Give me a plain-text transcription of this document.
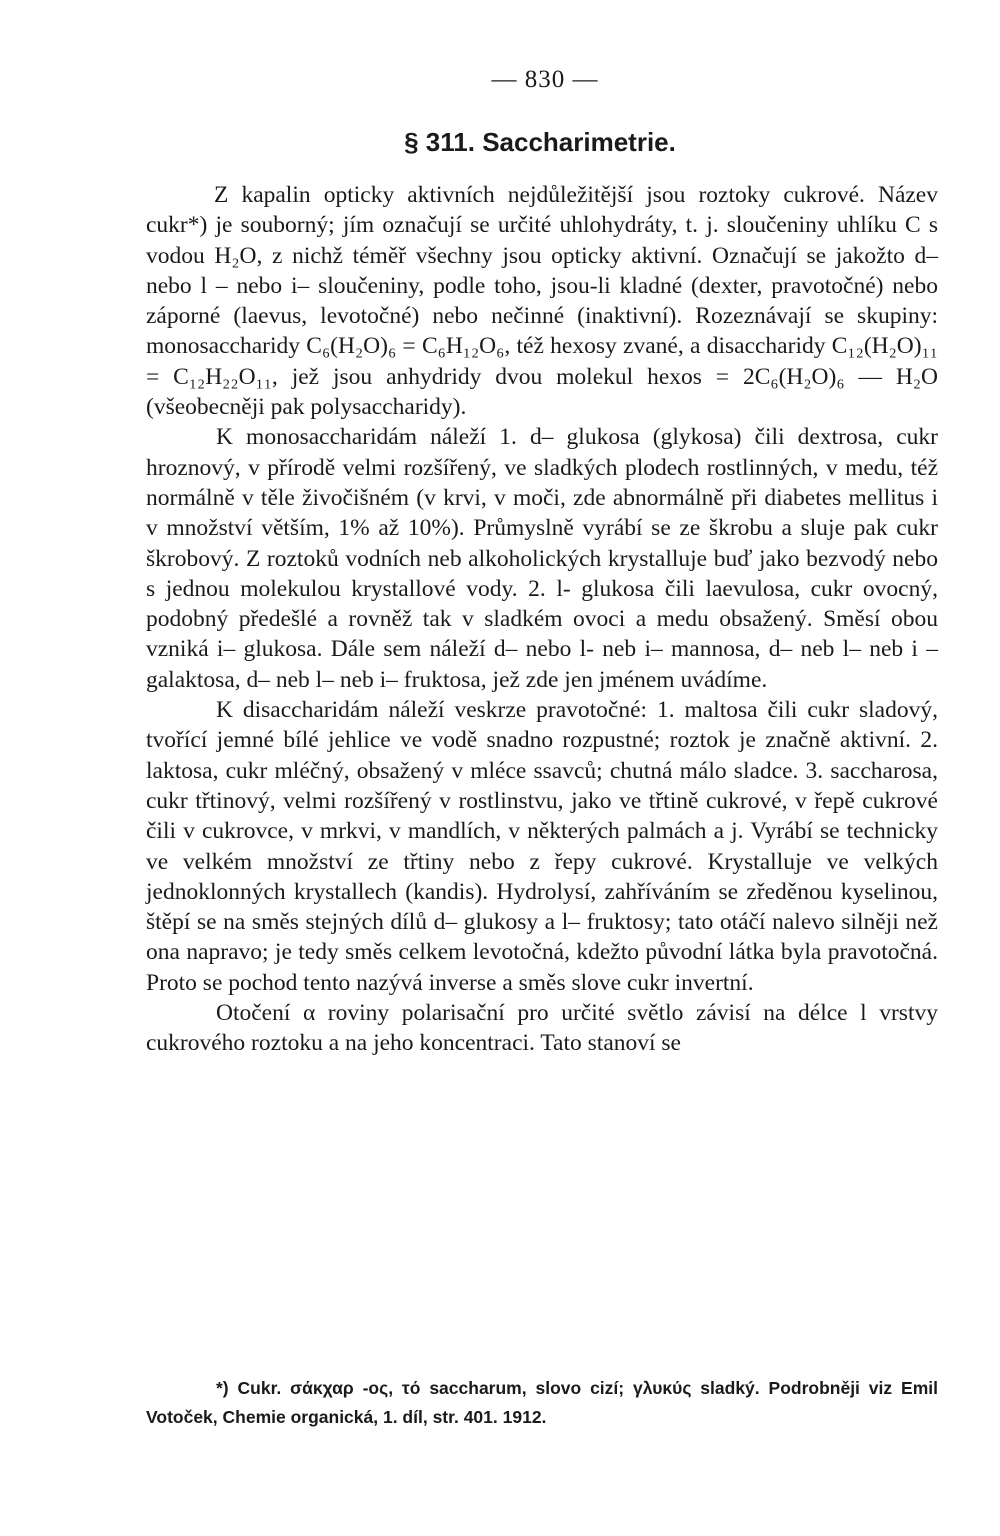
— 830 —
§ 311. Saccharimetrie.

Z kapalin opticky aktivních nejdůležitější jsou roztoky cukrové. Název cukr*) je souborný; jím označují se určité uhlohydráty, t. j. sloučeniny uhlíku C s vodou H₂O, z nichž téměř všechny jsou opticky aktivní. Označují se jakožto d– nebo l – nebo i– sloučeniny, podle toho, jsou-li kladné (dexter, pravotočné) nebo záporné (laevus, levotočné) nebo nečinné (inaktivní). Rozeznávají se skupiny: monosaccharidy C₆(H₂O)₆ = C₆H₁₂O₆, též hexosy zvané, a disaccharidy C₁₂(H₂O)₁₁ = C₁₂H₂₂O₁₁, jež jsou anhydridy dvou molekul hexos = 2C₆(H₂O)₆ — H₂O (všeobecněji pak polysaccharidy).

K monosaccharidám náleží 1. d– glukosa (glykosa) čili dextrosa, cukr hroznový, v přírodě velmi rozšířený, ve sladkých plodech rostlinných, v medu, též normálně v těle živočišném (v krvi, v moči, zde abnormálně při diabetes mellitus i v množství větším, 1% až 10%). Průmyslně vyrábí se ze škrobu a sluje pak cukr škrobový. Z roztoků vodních neb alkoholických krystalluje buď jako bezvodý nebo s jednou molekulou krystallové vody. 2. l- glukosa čili laevulosa, cukr ovocný, podobný předešlé a rovněž tak v sladkém ovoci a medu obsažený. Směsí obou vzniká i– glukosa. Dále sem náleží d– nebo l- neb i– mannosa, d– neb l– neb i – galaktosa, d– neb l– neb i– fruktosa, jež zde jen jménem uvádíme.

K disaccharidám náleží veskrze pravotočné: 1. maltosa čili cukr sladový, tvořící jemné bílé jehlice ve vodě snadno rozpustné; roztok je značně aktivní. 2. laktosa, cukr mléčný, obsažený v mléce ssavců; chutná málo sladce. 3. saccharosa, cukr třtinový, velmi rozšířený v rostlinstvu, jako ve třtině cukrové, v řepě cukrové čili v cukrovce, v mrkvi, v mandlích, v některých palmách a j. Vyrábí se technicky ve velkém množství ze třtiny nebo z řepy cukrové. Krystalluje ve velkých jednoklonných krystallech (kandis). Hydrolysí, zahříváním se zředěnou kyselinou, štěpí se na směs stejných dílů d– glukosy a l– fruktosy; tato otáčí nalevo silněji než ona napravo; je tedy směs celkem levotočná, kdežto původní látka byla pravotočná. Proto se pochod tento nazývá inverse a směs slove cukr invertní.

Otočení α roviny polarisační pro určité světlo závisí na délce l vrstvy cukrového roztoku a na jeho koncentraci. Tato stanoví se

*) Cukr. σάκχαρ -ος, τό saccharum, slovo cizí; γλυκύς sladký. Podrobněji viz Emil Votoček, Chemie organická, 1. díl, str. 401. 1912.
